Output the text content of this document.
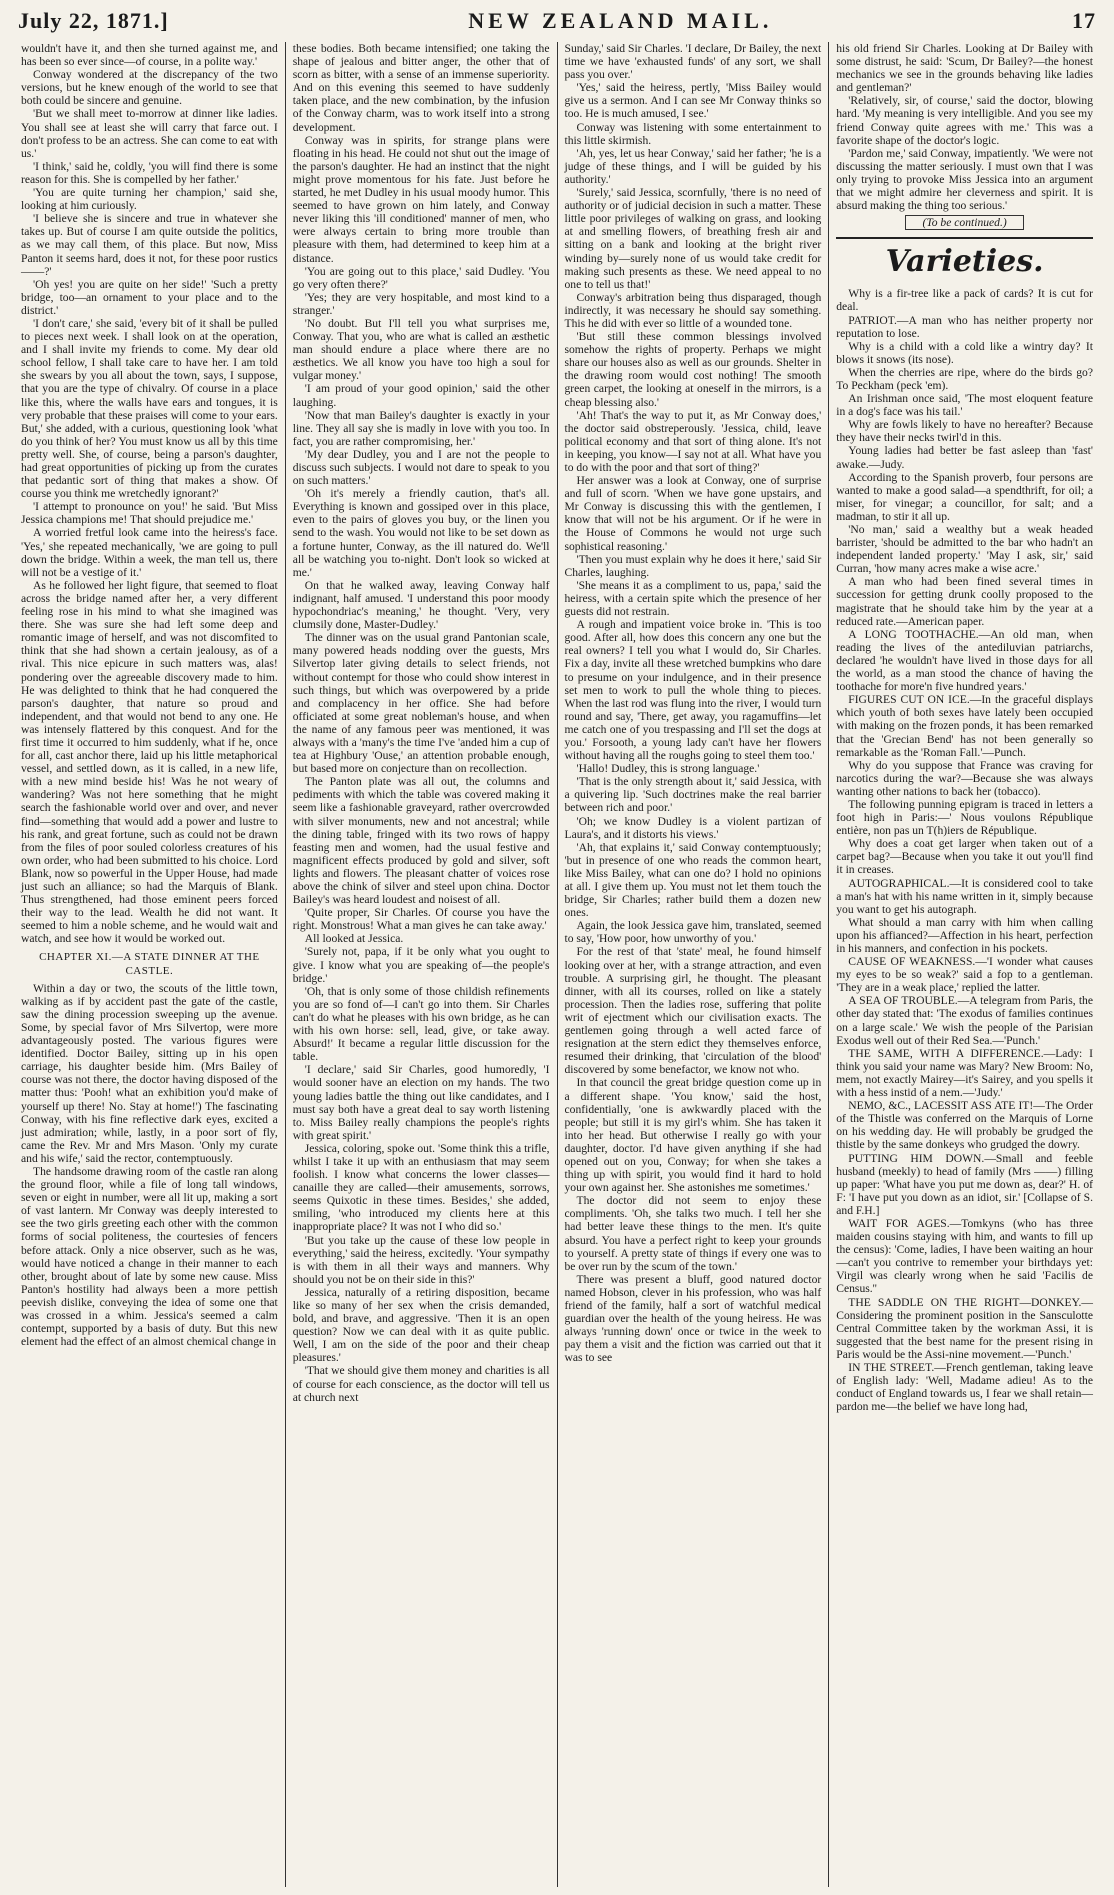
July 22, 1871.]	NEW ZEALAND MAIL.	17

wouldn't have it, and then she turned against me, and has been so ever since—of course, in a polite way.'

Conway wondered at the discrepancy of the two versions, but he knew enough of the world to see that both could be sincere and genuine.

'But we shall meet to-morrow at dinner like ladies. You shall see at least she will carry that farce out. I don't profess to be an actress. She can come to eat with us.'

'I think,' said he, coldly, 'you will find there is some reason for this. She is compelled by her father.'

'You are quite turning her champion,' said she, looking at him curiously.

'I believe she is sincere and true in whatever she takes up. But of course I am quite outside the politics, as we may call them, of this place. But now, Miss Panton it seems hard, does it not, for these poor rustics——?'

'Oh yes! you are quite on her side!' 'Such a pretty bridge, too—an ornament to your place and to the district.'

'I don't care,' she said, 'every bit of it shall be pulled to pieces next week. I shall look on at the operation, and I shall invite my friends to come. My dear old school fellow, I shall take care to have her. I am told she swears by you all about the town, says, I suppose, that you are the type of chivalry. Of course in a place like this, where the walls have ears and tongues, it is very probable that these praises will come to your ears. But,' she added, with a curious, questioning look 'what do you think of her? You must know us all by this time pretty well. She, of course, being a parson's daughter, had great opportunities of picking up from the curates that pedantic sort of thing that makes a show. Of course you think me wretchedly ignorant?'

'I attempt to pronounce on you!' he said. 'But Miss Jessica champions me! That should prejudice me.'

A worried fretful look came into the heiress's face. 'Yes,' she repeated mechanically, 'we are going to pull down the bridge. Within a week, the man tell us, there will not be a vestige of it.'

As he followed her light figure, that seemed to float across the bridge named after her, a very different feeling rose in his mind to what she imagined was there. She was sure she had left some deep and romantic image of herself, and was not discomfited to think that she had shown a certain jealousy, as of a rival. This nice epicure in such matters was, alas! pondering over the agreeable discovery made to him. He was delighted to think that he had conquered the parson's daughter, that nature so proud and independent, and that would not bend to any one. He was intensely flattered by this conquest. And for the first time it occurred to him suddenly, what if he, once for all, cast anchor there, laid up his little metaphorical vessel, and settled down, as it is called, in a new life, with a new mind beside his! Was he not weary of wandering? Was not here something that he might search the fashionable world over and over, and never find—something that would add a power and lustre to his rank, and great fortune, such as could not be drawn from the files of poor souled colorless creatures of his own order, who had been submitted to his choice. Lord Blank, now so powerful in the Upper House, had made just such an alliance; so had the Marquis of Blank. Thus strengthened, had those eminent peers forced their way to the lead. Wealth he did not want. It seemed to him a noble scheme, and he would wait and watch, and see how it would be worked out.

CHAPTER XI.—A STATE DINNER AT THE CASTLE.

Within a day or two, the scouts of the little town, walking as if by accident past the gate of the castle, saw the dining procession sweeping up the avenue. Some, by special favor of Mrs Silvertop, were more advantageously posted. The various figures were identified. Doctor Bailey, sitting up in his open carriage, his daughter beside him. (Mrs Bailey of course was not there, the doctor having disposed of the matter thus: 'Pooh! what an exhibition you'd make of yourself up there! No. Stay at home!') The fascinating Conway, with his fine reflective dark eyes, excited a just admiration; while, lastly, in a poor sort of fly, came the Rev. Mr and Mrs Mason. 'Only my curate and his wife,' said the rector, contemptuously.

The handsome drawing room of the castle ran along the ground floor, while a file of long tall windows, seven or eight in number, were all lit up, making a sort of vast lantern. Mr Conway was deeply interested to see the two girls greeting each other with the common forms of social politeness, the courtesies of fencers before attack. Only a nice observer, such as he was, would have noticed a change in their manner to each other, brought about of late by some new cause. Miss Panton's hostility had always been a more pettish peevish dislike, conveying the idea of some one that was crossed in a whim. Jessica's seemed a calm contempt, supported by a basis of duty. But this new element had the effect of an almost chemical change in

these bodies. Both became intensified; one taking the shape of jealous and bitter anger, the other that of scorn as bitter, with a sense of an immense superiority. And on this evening this seemed to have suddenly taken place, and the new combination, by the infusion of the Conway charm, was to work itself into a strong development.

Conway was in spirits, for strange plans were floating in his head. He could not shut out the image of the parson's daughter. He had an instinct that the night might prove momentous for his fate. Just before he started, he met Dudley in his usual moody humor. This seemed to have grown on him lately, and Conway never liking this 'ill conditioned' manner of men, who were always certain to bring more trouble than pleasure with them, had determined to keep him at a distance.

'You are going out to this place,' said Dudley. 'You go very often there?'

'Yes; they are very hospitable, and most kind to a stranger.'

'No doubt. But I'll tell you what surprises me, Conway. That you, who are what is called an æsthetic man should endure a place where there are no æsthetics. We all know you have too high a soul for vulgar money.'

'I am proud of your good opinion,' said the other laughing.

'Now that man Bailey's daughter is exactly in your line. They all say she is madly in love with you too. In fact, you are rather compromising, her.'

'My dear Dudley, you and I are not the people to discuss such subjects. I would not dare to speak to you on such matters.'

'Oh it's merely a friendly caution, that's all. Everything is known and gossiped over in this place, even to the pairs of gloves you buy, or the linen you send to the wash. You would not like to be set down as a fortune hunter, Conway, as the ill natured do. We'll all be watching you to-night. Don't look so wicked at me.'

On that he walked away, leaving Conway half indignant, half amused. 'I understand this poor moody hypochondriac's meaning,' he thought. 'Very, very clumsily done, Master-Dudley.'

The dinner was on the usual grand Pantonian scale, many powered heads nodding over the guests, Mrs Silvertop later giving details to select friends, not without contempt for those who could show interest in such things, but which was overpowered by a pride and complacency in her office. She had before officiated at some great nobleman's house, and when the name of any famous peer was mentioned, it was always with a 'many's the time I've 'anded him a cup of tea at Highbury 'Ouse,' an attention probable enough, but based more on conjecture than on recollection.

The Panton plate was all out, the columns and pediments with which the table was covered making it seem like a fashionable graveyard, rather overcrowded with silver monuments, new and not ancestral; while the dining table, fringed with its two rows of happy feasting men and women, had the usual festive and magnificent effects produced by gold and silver, soft lights and flowers. The pleasant chatter of voices rose above the chink of silver and steel upon china. Doctor Bailey's was heard loudest and noisest of all.

'Quite proper, Sir Charles. Of course you have the right. Monstrous! What a man gives he can take away.'

All looked at Jessica.

'Surely not, papa, if it be only what you ought to give. I know what you are speaking of—the people's bridge.'

'Oh, that is only some of those childish refinements you are so fond of—I can't go into them. Sir Charles can't do what he pleases with his own bridge, as he can with his own horse: sell, lead, give, or take away. Absurd!' It became a regular little discussion for the table.

'I declare,' said Sir Charles, good humoredly, 'I would sooner have an election on my hands. The two young ladies battle the thing out like candidates, and I must say both have a great deal to say worth listening to. Miss Bailey really champions the people's rights with great spirit.'

Jessica, coloring, spoke out. 'Some think this a trifle, whilst I take it up with an enthusiasm that may seem foolish. I know what concerns the lower classes—canaille they are called—their amusements, sorrows, seems Quixotic in these times. Besides,' she added, smiling, 'who introduced my clients here at this inappropriate place? It was not I who did so.'

'But you take up the cause of these low people in everything,' said the heiress, excitedly. 'Your sympathy is with them in all their ways and manners. Why should you not be on their side in this?'

Jessica, naturally of a retiring disposition, became like so many of her sex when the crisis demanded, bold, and brave, and aggressive. 'Then it is an open question? Now we can deal with it as quite public. Well, I am on the side of the poor and their cheap pleasures.'

'That we should give them money and charities is all of course for each conscience, as the doctor will tell us at church next

Sunday,' said Sir Charles. 'I declare, Dr Bailey, the next time we have 'exhausted funds' of any sort, we shall pass you over.'

'Yes,' said the heiress, pertly, 'Miss Bailey would give us a sermon. And I can see Mr Conway thinks so too. He is much amused, I see.'

Conway was listening with some entertainment to this little skirmish.

'Ah, yes, let us hear Conway,' said her father; 'he is a judge of these things, and I will be guided by his authority.'

'Surely,' said Jessica, scornfully, 'there is no need of authority or of judicial decision in such a matter. These little poor privileges of walking on grass, and looking at and smelling flowers, of breathing fresh air and sitting on a bank and looking at the bright river winding by—surely none of us would take credit for making such presents as these. We need appeal to no one to tell us that!'

Conway's arbitration being thus disparaged, though indirectly, it was necessary he should say something. This he did with ever so little of a wounded tone.

'But still these common blessings involved somehow the rights of property. Perhaps we might share our houses also as well as our grounds. Shelter in the drawing room would cost nothing! The smooth green carpet, the looking at oneself in the mirrors, is a cheap blessing also.'

'Ah! That's the way to put it, as Mr Conway does,' the doctor said obstreperously. 'Jessica, child, leave political economy and that sort of thing alone. It's not in keeping, you know—I say not at all. What have you to do with the poor and that sort of thing?'

Her answer was a look at Conway, one of surprise and full of scorn. 'When we have gone upstairs, and Mr Conway is discussing this with the gentlemen, I know that will not be his argument. Or if he were in the House of Commons he would not urge such sophistical reasoning.'

'Then you must explain why he does it here,' said Sir Charles, laughing.

'She means it as a compliment to us, papa,' said the heiress, with a certain spite which the presence of her guests did not restrain.

A rough and impatient voice broke in. 'This is too good. After all, how does this concern any one but the real owners? I tell you what I would do, Sir Charles. Fix a day, invite all these wretched bumpkins who dare to presume on your indulgence, and in their presence set men to work to pull the whole thing to pieces. When the last rod was flung into the river, I would turn round and say, 'There, get away, you ragamuffins—let me catch one of you trespassing and I'll set the dogs at you.' Forsooth, a young lady can't have her flowers without having all the roughs going to steel them too.'

'Hallo! Dudley, this is strong language.'

'That is the only strength about it,' said Jessica, with a quivering lip. 'Such doctrines make the real barrier between rich and poor.'

'Oh; we know Dudley is a violent partizan of Laura's, and it distorts his views.'

'Ah, that explains it,' said Conway contemptuously; 'but in presence of one who reads the common heart, like Miss Bailey, what can one do? I hold no opinions at all. I give them up. You must not let them touch the bridge, Sir Charles; rather build them a dozen new ones.

Again, the look Jessica gave him, translated, seemed to say, 'How poor, how unworthy of you.'

For the rest of that 'state' meal, he found himself looking over at her, with a strange attraction, and even trouble. A surprising girl, he thought. The pleasant dinner, with all its courses, rolled on like a stately procession. Then the ladies rose, suffering that polite writ of ejectment which our civilisation exacts. The gentlemen going through a well acted farce of resignation at the stern edict they themselves enforce, resumed their drinking, that 'circulation of the blood' discovered by some benefactor, we know not who.

In that council the great bridge question come up in a different shape. 'You know,' said the host, confidentially, 'one is awkwardly placed with the people; but still it is my girl's whim. She has taken it into her head. But otherwise I really go with your daughter, doctor. I'd have given anything if she had opened out on you, Conway; for when she takes a thing up with spirit, you would find it hard to hold your own against her. She astonishes me sometimes.'

The doctor did not seem to enjoy these compliments. 'Oh, she talks two much. I tell her she had better leave these things to the men. It's quite absurd. You have a perfect right to keep your grounds to yourself. A pretty state of things if every one was to be over run by the scum of the town.'

There was present a bluff, good natured doctor named Hobson, clever in his profession, who was half friend of the family, half a sort of watchful medical guardian over the health of the young heiress. He was always 'running down' once or twice in the week to pay them a visit and the fiction was carried out that it was to see

his old friend Sir Charles. Looking at Dr Bailey with some distrust, he said: 'Scum, Dr Bailey?—the honest mechanics we see in the grounds behaving like ladies and gentleman?'

'Relatively, sir, of course,' said the doctor, blowing hard. 'My meaning is very intelligible. And you see my friend Conway quite agrees with me.' This was a favorite shape of the doctor's logic.

'Pardon me,' said Conway, impatiently. 'We were not discussing the matter seriously. I must own that I was only trying to provoke Miss Jessica into an argument that we might admire her cleverness and spirit. It is absurd making the thing too serious.'

(To be continued.)
Varieties.

Why is a fir-tree like a pack of cards? It is cut for deal.

PATRIOT.—A man who has neither property nor reputation to lose.

Why is a child with a cold like a wintry day? It blows it snows (its nose).

When the cherries are ripe, where do the birds go? To Peckham (peck 'em).

An Irishman once said, 'The most eloquent feature in a dog's face was his tail.'

Why are fowls likely to have no hereafter? Because they have their necks twirl'd in this.

Young ladies had better be fast asleep than 'fast' awake.—Judy.

According to the Spanish proverb, four persons are wanted to make a good salad—a spendthrift, for oil; a miser, for vinegar; a councillor, for salt; and a madman, to stir it all up.

'No man,' said a wealthy but a weak headed barrister, 'should be admitted to the bar who hadn't an independent landed property.' 'May I ask, sir,' said Curran, 'how many acres make a wise acre.'

A man who had been fined several times in succession for getting drunk coolly proposed to the magistrate that he should take him by the year at a reduced rate.—American paper.

A LONG TOOTHACHE.—An old man, when reading the lives of the antediluvian patriarchs, declared 'he wouldn't have lived in those days for all the world, as a man stood the chance of having the toothache for more'n five hundred years.'

FIGURES CUT ON ICE.—In the graceful displays which youth of both sexes have lately been occupied with making on the frozen ponds, it has been remarked that the 'Grecian Bend' has not been generally so remarkable as the 'Roman Fall.'—Punch.

Why do you suppose that France was craving for narcotics during the war?—Because she was always wanting other nations to back her (tobacco).

The following punning epigram is traced in letters a foot high in Paris:—' Nous voulons République entière, non pas un T(h)iers de République.

Why does a coat get larger when taken out of a carpet bag?—Because when you take it out you'll find it in creases.

AUTOGRAPHICAL.—It is considered cool to take a man's hat with his name written in it, simply because you want to get his autograph.

What should a man carry with him when calling upon his affianced?—Affection in his heart, perfection in his manners, and confection in his pockets.

CAUSE OF WEAKNESS.—'I wonder what causes my eyes to be so weak?' said a fop to a gentleman. 'They are in a weak place,' replied the latter.

A SEA OF TROUBLE.—A telegram from Paris, the other day stated that: 'The exodus of families continues on a large scale.' We wish the people of the Parisian Exodus well out of their Red Sea.—'Punch.'

THE SAME, WITH A DIFFERENCE.—Lady: I think you said your name was Mary? New Broom: No, mem, not exactly Mairey—it's Sairey, and you spells it with a hess instid of a nem.—'Judy.'

NEMO, &C., LACESSIT ASS ATE IT!—The Order of the Thistle was conferred on the Marquis of Lorne on his wedding day. He will probably be grudged the thistle by the same donkeys who grudged the dowry.

PUTTING HIM DOWN.—Small and feeble husband (meekly) to head of family (Mrs ——) filling up paper: 'What have you put me down as, dear?' H. of F: 'I have put you down as an idiot, sir.' [Collapse of S. and F.H.]

WAIT FOR AGES.—Tomkyns (who has three maiden cousins staying with him, and wants to fill up the census): 'Come, ladies, I have been waiting an hour—can't you contrive to remember your birthdays yet: Virgil was clearly wrong when he said 'Facilis de Census.''

THE SADDLE ON THE RIGHT—DONKEY.—Considering the prominent position in the Sansculotte Central Committee taken by the workman Assi, it is suggested that the best name for the present rising in Paris would be the Assi-nine movement.—'Punch.'

IN THE STREET.—French gentleman, taking leave of English lady: 'Well, Madame adieu! As to the conduct of England towards us, I fear we shall retain—pardon me—the belief we have long had,
